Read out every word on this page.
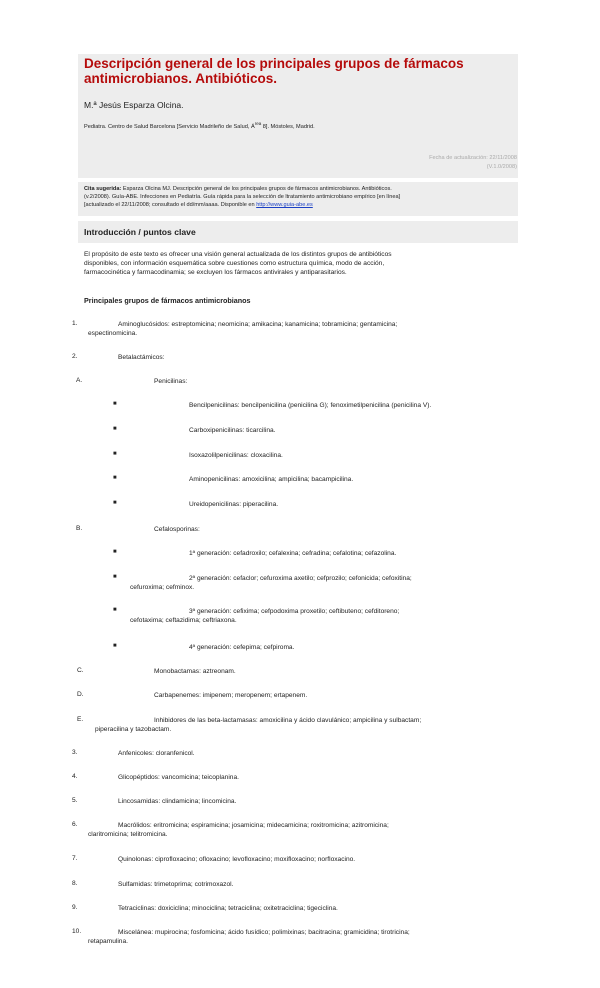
Descripción general de los principales grupos de fármacos
antimicrobianos. Antibióticos.
M.ª Jesús Esparza Olcina.
Pediatra. Centro de Salud Barcelona [Servicio Madrileño de Salud, $Á^{rea}$ 8]. Móstoles, Madrid.
Fecha de actualización: 22/11/2008
(V.1.0/2008)
Cita sugerida: Esparza Olcina MJ. Descripción general de los principales grupos de fármacos antimicrobianos. Antibióticos.
(v.2/2008). Guía-ABE. Infecciones en Pediatría. Guía rápida para la selección de ltratamiento antimicrobiano empírico [en línea]
[actualizado el 22/11/2008; consultado el dd/mm/aaaa. Disponible en http://www.guia-abe.es
Introducción / puntos clave
El propósito de este texto es ofrecer una visión general actualizada de los distintos grupos de antibióticos
disponibles, con información esquemática sobre cuestiones como estructura química, modo de acción,
farmacocinética y farmacodinamia; se excluyen los fármacos antivirales y antiparasitarios.
Principales grupos de fármacos antimicrobianos
1.	Aminoglucósidos: estreptomicina; neomicina; amikacina; kanamicina; tobramicina; gentamicina;
espectinomicina.
2.	Betalactámicos:
A.	Penicilinas:
■	Bencilpenicilinas: bencilpenicilina (penicilina G); fenoximetilpenicilina (penicilina V).
■	Carboxipenicilinas: ticarcilina.
■	Isoxazolilpenicilinas: cloxacilina.
■	Aminopenicilinas: amoxicilina; ampicilina; bacampicilina.
■	Ureidopenicilinas: piperacilina.
B.	Cefalosporinas:
■	1ª generación: cefadroxilo; cefalexina; cefradina; cefalotina; cefazolina.
■	2ª generación: cefaclor; cefuroxima axetilo; cefprozilo; cefonicida; cefoxitina;
cefuroxima; cefminox.
■	3ª generación: cefixima; cefpodoxima proxetilo; ceftibuteno; cefditoreno;
cefotaxima; ceftazidima; ceftriaxona.
■	4ª generación: cefepima; cefpiroma.
C.	Monobactamas: aztreonam.
D.	Carbapenemes: imipenem; meropenem; ertapenem.
E.	Inhibidores de las beta-lactamasas: amoxicilina y ácido clavulánico; ampicilina y sulbactam;
piperacilina y tazobactam.
3.	Anfenicoles: cloranfenicol.
4.	Glicopéptidos: vancomicina; teicoplanina.
5.	Lincosamidas: clindamicina; lincomicina.
6.	Macrólidos: eritromicina; espiramicina; josamicina; midecamicina; roxitromicina; azitromicina;
claritromicina; telitromicina.
7.	Quinolonas: ciprofloxacino; ofloxacino; levofloxacino; moxifloxacino; norfloxacino.
8.	Sulfamidas: trimetoprima; cotrimoxazol.
9.	Tetraciclinas: doxiciclina; minociclina; tetraciclina; oxitetraciclina; tigeciclina.
10.	Miscelánea: mupirocina; fosfomicina; ácido fusídico; polimixinas; bacitracina; gramicidina; tirotricina;
retapamulina.
